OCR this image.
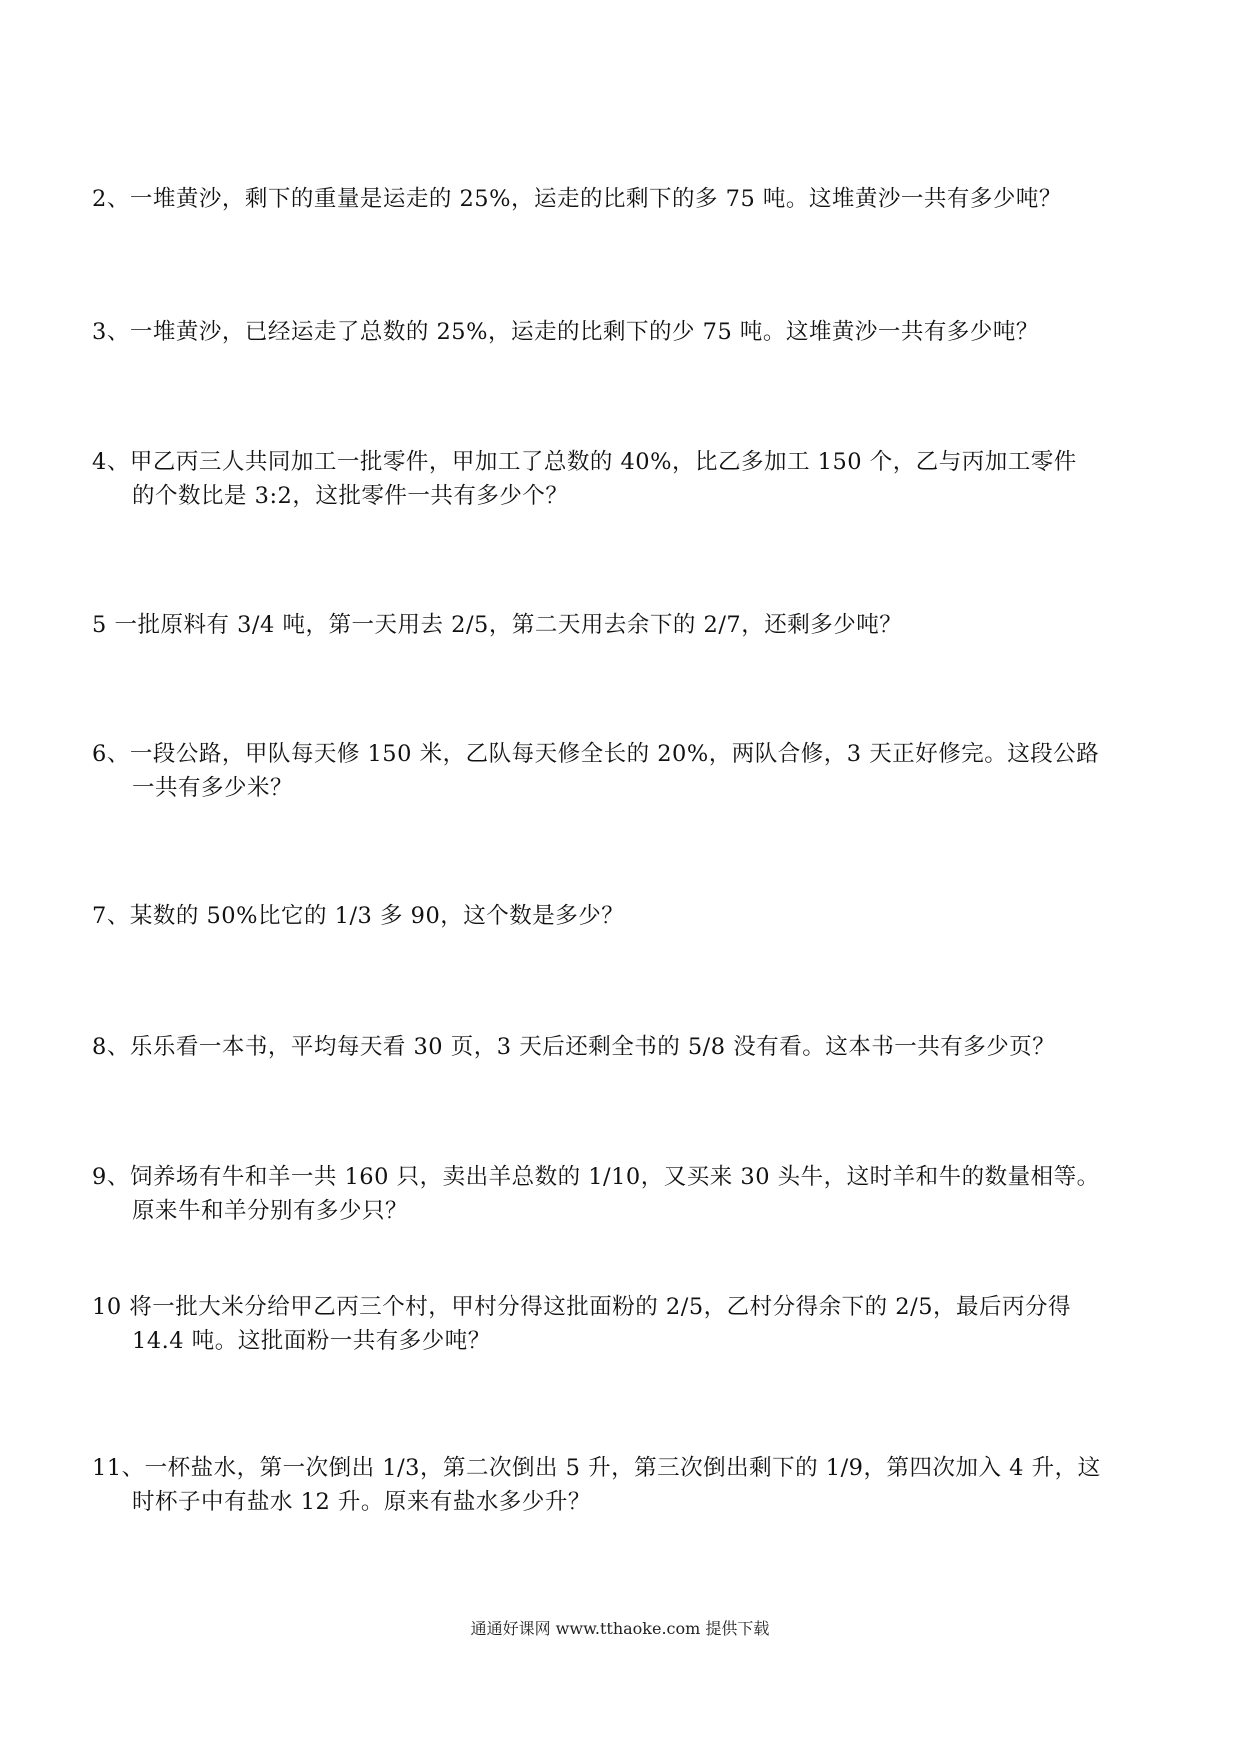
2、一堆黄沙，剩下的重量是运走的 25%，运走的比剩下的多 75 吨。这堆黄沙一共有多少吨？
3、一堆黄沙，已经运走了总数的 25%，运走的比剩下的少 75 吨。这堆黄沙一共有多少吨？
4、甲乙丙三人共同加工一批零件，甲加工了总数的 40%，比乙多加工 150 个，乙与丙加工零件
的个数比是 3:2，这批零件一共有多少个？
5 一批原料有 3/4 吨，第一天用去 2/5，第二天用去余下的 2/7，还剩多少吨？
6、一段公路，甲队每天修 150 米，乙队每天修全长的 20%，两队合修，3 天正好修完。这段公路
一共有多少米？
7、某数的 50%比它的 1/3 多 90，这个数是多少？
8、乐乐看一本书，平均每天看 30 页，3 天后还剩全书的 5/8 没有看。这本书一共有多少页？
9、饲养场有牛和羊一共 160 只，卖出羊总数的 1/10，又买来 30 头牛，这时羊和牛的数量相等。
原来牛和羊分别有多少只？
10 将一批大米分给甲乙丙三个村，甲村分得这批面粉的 2/5，乙村分得余下的 2/5，最后丙分得
14.4 吨。这批面粉一共有多少吨？
11、一杯盐水，第一次倒出 1/3，第二次倒出 5 升，第三次倒出剩下的 1/9，第四次加入 4 升，这
时杯子中有盐水 12 升。原来有盐水多少升？
通通好课网 www.tthaoke.com 提供下载
